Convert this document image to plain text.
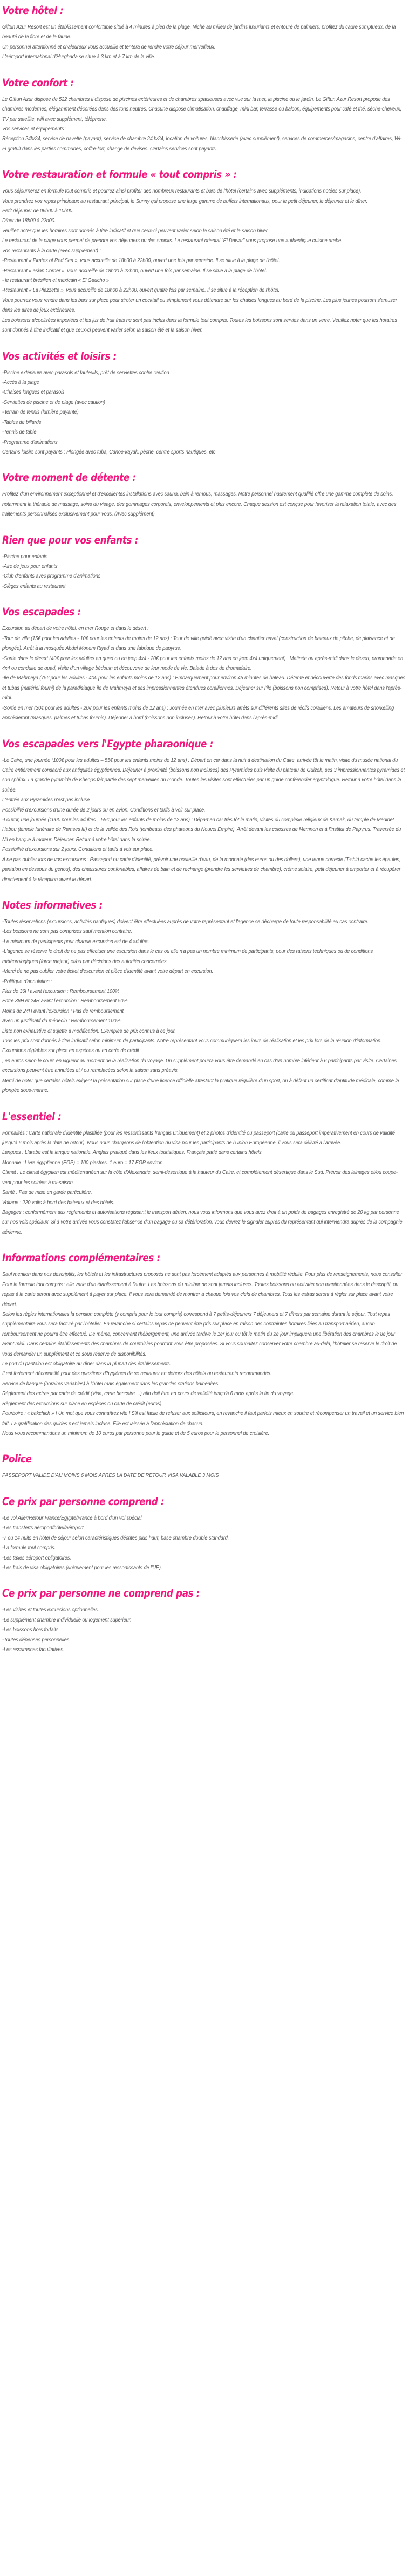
Votre hôtel :

Giftun Azur Resort est un établissement confortable situé à 4 minutes à pied de la plage. Niché au milieu de jardins luxuriants et entouré de palmiers, profitez du cadre somptueux, de la beauté de la flore et de la faune.

Un personnel attentionné et chaleureux vous accueille et tentera de rendre votre séjour merveilleux.

L'aéroport international d'Hurghada se situe à 3 km et à 7 km de la ville.

Votre confort :

Le Giftun Azur dispose de 522 chambres Il dispose de piscines extérieures et de chambres spacieuses avec vue sur la mer, la piscine ou le jardin. Le Giftun Azur Resort propose des chambres modernes, élégamment décorées dans des tons neutres. Chacune dispose climatisation, chauffage, mini bar, terrasse ou balcon, équipements pour café et thé, sèche-cheveux, TV par satellite, wifi avec supplément, téléphone.

Vos services et équipements :

Réception 24h/24, service de navette (payant), service de chambre 24 h/24, location de voitures, blanchisserie (avec supplément), services de commerces/magasins, centre d'affaires, Wi-Fi gratuit dans les parties communes, coffre-fort, change de devises. Certains services sont payants.

Votre restauration et formule « tout compris » :

Vous séjournerez en formule tout compris et pourrez ainsi profiter des nombreux restaurants et bars de l'hôtel (certains avec suppléments, indications notées sur place).

Vous prendrez vos repas principaux au restaurant principal, le Sunny qui propose une large gamme de buffets internationaux, pour le petit déjeuner, le déjeuner et le dîner.

Petit déjeuner de 06h00 à 10h00.

Dîner de 18h00 à 22h00.

Veuillez noter que les horaires sont donnés à titre indicatif et que ceux-ci peuvent varier selon la saison été et la saison hiver.

Le restaurant de la plage vous permet de prendre vos déjeuners ou des snacks. Le restaurant oriental "El Dawar" vous propose une authentique cuisine arabe.

Vos restaurants à la carte (avec supplément) :

-Restaurant « Pirates of Red Sea », vous accueille de 18h00 à 22h00, ouvert une fois par semaine. Il se situe à la plage de l'hôtel.

-Restaurant « asian Corner », vous accueille de 18h00 à 22h00, ouvert une fois par semaine. Il se situe à la plage de l'hôtel.

- le restaurant brésilien et mexicain « El Gaucho »

-Restaurant « La Piazzetta », vous accueille de 18h00 à 22h00, ouvert quatre fois par semaine. Il se situe à la réception de l'hôtel.

Vous pourrez vous rendre dans les bars sur place pour siroter un cocktail ou simplement vous détendre sur les chaises longues au bord de la piscine. Les plus jeunes pourront s'amuser dans les aires de jeux extérieures.

Les boissons alcoolisées importées et les jus de fruit frais ne sont pas inclus dans la formule tout compris. Toutes les boissons sont servies dans un verre. Veuillez noter que les horaires sont donnés à titre indicatif et que ceux-ci peuvent varier selon la saison été et la saison hiver.

Vos activités et loisirs :

-Piscine extérieure avec parasols et fauteuils, prêt de serviettes contre caution

-Accès à la plage

-Chaises longues et parasols

-Serviettes de piscine et de plage (avec caution)

- terrain de tennis (lumière payante)

-Tables de billards

-Tennis de table

-Programme d'animations

Certains loisirs sont payants : Plongée avec tuba, Canoë-kayak, pêche, centre sports nautiques, etc

Votre moment de détente :

Profitez d'un environnement exceptionnel et d'excellentes installations avec sauna, bain à remous, massages. Notre personnel hautement qualifié offre une gamme complète de soins, notamment la thérapie de massage, soins du visage, des gommages corporels, enveloppements et plus encore. Chaque session est conçue pour favoriser la relaxation totale, avec des traitements personnalisés exclusivement pour vous. (Avec supplément).

Rien que pour vos enfants :

-Piscine pour enfants

-Aire de jeux pour enfants

-Club d'enfants avec programme d'animations

-Sièges enfants au restaurant

Vos escapades :

Excursion au départ de votre hôtel, en mer Rouge et dans le désert :

-Tour de ville (15€ pour les adultes - 10€ pour les enfants de moins de 12 ans) : Tour de ville guidé avec visite d'un chantier naval (construction de bateaux de pêche, de plaisance et de plongée). Arrêt à la mosquée Abdel Monem Riyad et dans une fabrique de papyrus.

-Sortie dans le désert (40€ pour les adultes en quad ou en jeep 4x4 - 20€ pour les enfants moins de 12 ans en jeep 4x4 uniquement) : Matinée ou après-midi dans le désert, promenade en 4x4 ou conduite de quad, visite d'un village bédouin et découverte de leur mode de vie. Balade à dos de dromadaire.

-Ile de Mahmeya (75€ pour les adultes - 40€ pour les enfants moins de 12 ans) : Embarquement pour environ 45 minutes de bateau. Détente et découverte des fonds marins avec masques et tubas (matériel fourni) de la paradisiaque île de Mahmeya et ses impressionnantes étendues coralliennes. Déjeuner sur l'île (boissons non comprises). Retour à votre hôtel dans l'après-midi.

-Sortie en mer (30€ pour les adultes - 20€ pour les enfants moins de 12 ans) : Journée en mer avec plusieurs arrêts sur différents sites de récifs coralliens. Les amateurs de snorkelling apprécieront (masques, palmes et tubas fournis). Déjeuner à bord (boissons non incluses). Retour à votre hôtel dans l'après-midi.

Vos escapades vers l'Egypte pharaonique :

-Le Caire, une journée (100€ pour les adultes – 55€ pour les enfants moins de 12 ans) : Départ en car dans la nuit à destination du Caire, arrivée tôt le matin, visite du musée national du Caire entièrement consacré aux antiquités égyptiennes. Déjeuner à proximité (boissons non incluses) des Pyramides puis visite du plateau de Guizeh, ses 3 impressionnantes pyramides et son sphinx. La grande pyramide de Kheops fait partie des sept merveilles du monde. Toutes les visites sont effectuées par un guide conférencier égyptologue. Retour à votre hôtel dans la soirée.

L'entrée aux Pyramides n'est pas incluse

Possibilité d'excursions d'une durée de 2 jours ou en avion. Conditions et tarifs à voir sur place.

-Louxor, une journée (100€ pour les adultes – 55€ pour les enfants de moins de 12 ans) : Départ en car très tôt le matin, visites du complexe religieux de Karnak, du temple de Médinet Habou (temple funéraire de Ramses III) et de la vallée des Rois (tombeaux des pharaons du Nouvel Empire). Arrêt devant les colosses de Memnon et à l'institut de Papyrus. Traversée du Nil en barque à moteur. Déjeuner. Retour à votre hôtel dans la soirée.

Possibilité d'excursions sur 2 jours. Conditions et tarifs à voir sur place.

A ne pas oublier lors de vos excursions : Passeport ou carte d'identité, prévoir une bouteille d'eau, de la monnaie (des euros ou des dollars), une tenue correcte (T-shirt cache les épaules, pantalon en dessous du genou), des chaussures confortables, affaires de bain et de rechange (prendre les serviettes de chambre), crème solaire, petit déjeuner à emporter et à récupérer directement à la réception avant le départ.

Notes informatives :

-Toutes réservations (excursions, activités nautiques) doivent être effectuées auprès de votre représentant et l'agence se décharge de toute responsabilité au cas contraire.

-Les boissons ne sont pas comprises sauf mention contraire.

-Le minimum de participants pour chaque excursion est de 4 adultes.

-L'agence se réserve le droit de ne pas effectuer une excursion dans le cas ou elle n'a pas un nombre minimum de participants, pour des raisons techniques ou de conditions météorologiques (force majeur) et/ou par décisions des autorités concernées.

-Merci de ne pas oublier votre ticket d'excursion et pièce d'identité avant votre départ en excursion.

-Politique d'annulation :

Plus de 36H avant l'excursion : Remboursement 100%

Entre 36H et 24H avant l'excursion : Remboursement 50%

Moins de 24H avant l'excursion : Pas de remboursement

Avec un justificatif du médecin : Remboursement 100%

Liste non exhaustive et sujette à modification. Exemples de prix connus à ce jour.

Tous les prix sont donnés à titre indicatif selon minimum de participants. Notre représentant vous communiquera les jours de réalisation et les prix lors de la réunion d'information. Excursions réglables sur place en espèces ou en carte de crédit

, en euros selon le cours en vigueur au moment de la réalisation du voyage. Un supplément pourra vous être demandé en cas d'un nombre inférieur à 6 participants par visite. Certaines excursions peuvent être annulées et / ou remplacées selon la saison sans préavis.

Merci de noter que certains hôtels exigent la présentation sur place d'une licence officielle attestant la pratique régulière d'un sport, ou à défaut un certificat d'aptitude médicale, comme la plongée sous-marine.

L'essentiel :

Formalités : Carte nationale d'identité plastifiée (pour les ressortissants français uniquement) et 2 photos d'identité ou passeport (carte ou passeport impérativement en cours de validité jusqu'à 6 mois après la date de retour). Nous nous chargeons de l'obtention du visa pour les participants de l'Union Européenne, il vous sera délivré à l'arrivée.

Langues : L'arabe est la langue nationale. Anglais pratiqué dans les lieux touristiques. Français parlé dans certains hôtels.

Monnaie : Livre égyptienne (EGP) = 100 piastres. 1 euro = 17 EGP environ.

Climat : Le climat égyptien est méditerranéen sur la côte d'Alexandrie, semi-désertique à la hauteur du Caire, et complètement désertique dans le Sud. Prévoir des lainages et/ou coupe-vent pour les soirées à mi-saison.

Santé : Pas de mise en garde particulière.

Voltage : 220 volts à bord des bateaux et des hôtels.

Bagages : conformément aux règlements et autorisations régissant le transport aérien, nous vous informons que vous avez droit à un poids de bagages enregistré de 20 kg par personne sur nos vols spéciaux. Si à votre arrivée vous constatez l'absence d'un bagage ou sa détérioration, vous devrez le signaler auprès du représentant qui interviendra auprès de la compagnie aérienne.

Informations complémentaires :

Sauf mention dans nos descriptifs, les hôtels et les infrastructures proposés ne sont pas forcément adaptés aux personnes à mobilité réduite. Pour plus de renseignements, nous consulter

Pour la formule tout compris : elle varie d'un établissement à l'autre. Les boissons du minibar ne sont jamais incluses. Toutes boissons ou activités non mentionnées dans le descriptif, ou repas à la carte seront avec supplément à payer sur place. Il vous sera demandé de montrer à chaque fois vos clefs de chambres. Tous les extras seront à régler sur place avant votre départ.

Selon les règles internationales la pension complète (y compris pour le tout compris) correspond à 7 petits-déjeuners 7 déjeuners et 7 dîners par semaine durant le séjour. Tout repas supplémentaire vous sera facturé par l'hôtelier. En revanche si certains repas ne peuvent être pris sur place en raison des contraintes horaires liées au transport aérien, aucun remboursement ne pourra être effectué. De même, concernant l'hébergement, une arrivée tardive le 1er jour ou tôt le matin du 2e jour impliquera une libération des chambres le 8e jour avant midi. Dans certains établissements des chambres de courtoisies pourront vous être proposées. Si vous souhaitez conserver votre chambre au-delà, l'hôtelier se réserve le droit de vous demander un supplément et ce sous réserve de disponibilités.

Le port du pantalon est obligatoire au dîner dans la plupart des établissements.

Il est fortement déconseillé pour des questions d'hygiènes de se restaurer en dehors des hôtels ou restaurants recommandés.

Service de banque (horaires variables) à l'hôtel mais également dans les grandes stations balnéaires.

Règlement des extras par carte de crédit (Visa, carte bancaire ...) afin doit être en cours de validité jusqu'à 6 mois après la fin du voyage.

Règlement des excursions sur place en espèces ou carte de crédit (euros).

Pourboire : « bakchich » ! Un mot que vous connaîtrez vite ! S'il est facile de refuser aux solliciteurs, en revanche il faut parfois mieux en sourire et récompenser un travail et un service bien fait. La gratification des guides n'est jamais incluse. Elle est laissée à l'appréciation de chacun.

Nous vous recommandons un minimum de 10 euros par personne pour le guide et de 5 euros pour le personnel de croisière.

Police

PASSEPORT VALIDE D'AU MOINS 6 MOIS APRES LA DATE DE RETOUR VISA VALABLE 3 MOIS

Ce prix par personne comprend :

-Le vol Aller/Retour France/Egypte/France à bord d'un vol spécial.

-Les transferts aéroport/hôtel/aéroport.

-7 ou 14 nuits en hôtel de séjour selon caractéristiques décrites plus haut, base chambre double standard.

-La formule tout compris.

-Les taxes aéroport obligatoires.

-Les frais de visa obligatoires (uniquement pour les ressortissants de l'UE).

Ce prix par personne ne comprend pas :

-Les visites et toutes excursions optionnelles.

-Le supplément chambre individuelle ou logement supérieur.

-Les boissons hors forfaits.

-Toutes dépenses personnelles.

-Les assurances facultatives.
